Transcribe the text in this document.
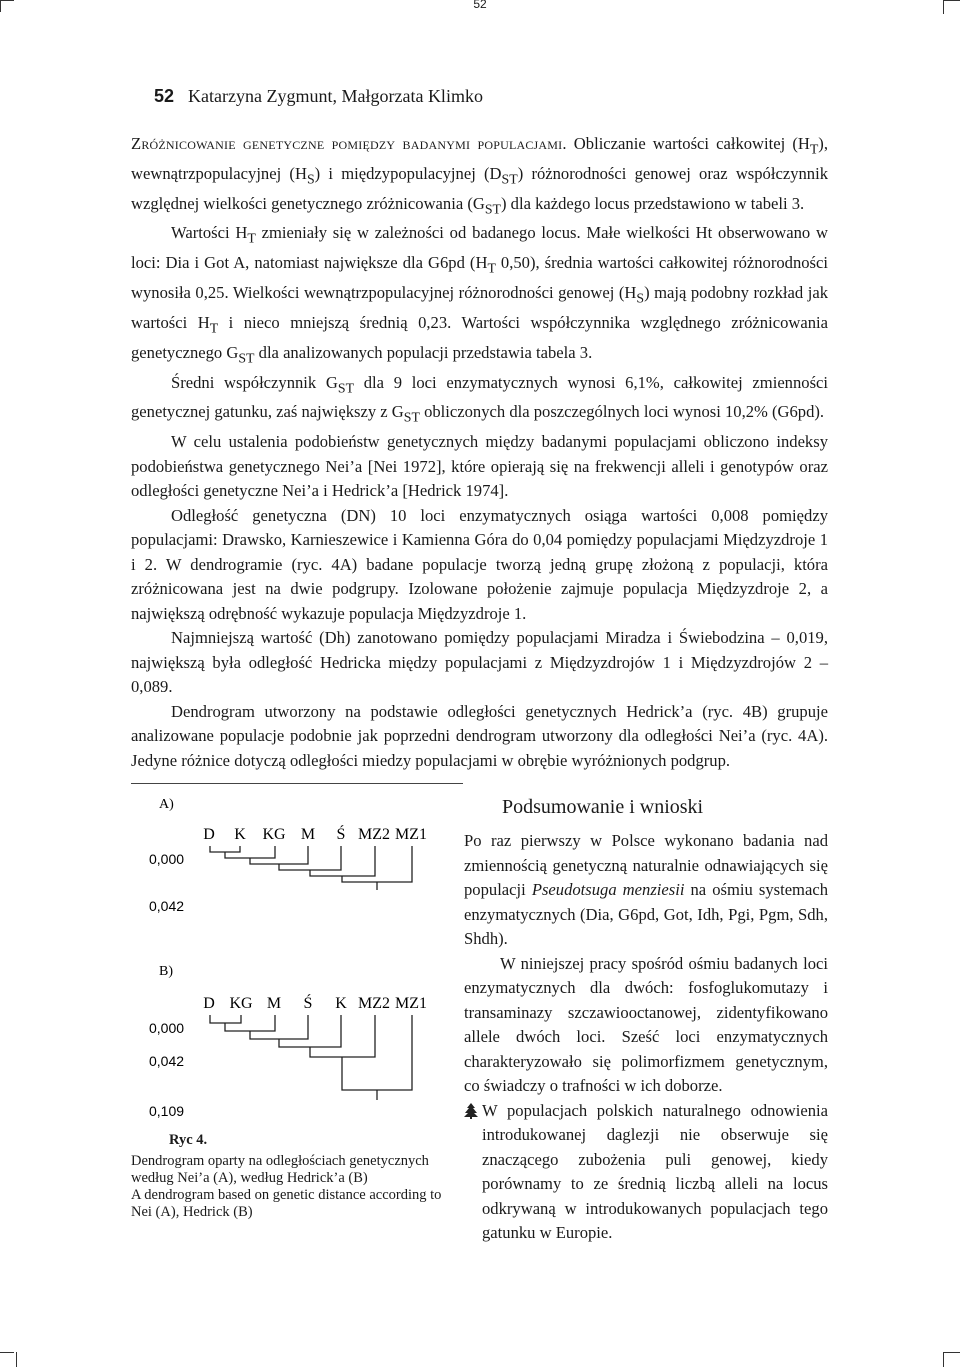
52
52 Katarzyna Zygmunt, Małgorzata Klimko

Zróżnicowanie genetyczne pomiędzy badanymi populacjami. Obliczanie wartości całkowitej $(H_T)$, wewnątrzpopulacyjnej $(H_S)$ i międzypopulacyjnej $(D_{ST})$ różnorodności genowej oraz współczynnik względnej wielkości genetycznego zróżnicowania $(G_{ST})$ dla każdego locus przedstawiono w tabeli 3.

Wartości $H_T$ zmieniały się w zależności od badanego locus. Małe wielkości Ht obserwowano w loci: Dia i Got A, natomiast największe dla G6pd ($H_T$ 0,50), średnia wartości całkowitej różnorodności wynosiła 0,25. Wielkości wewnątrzpopulacyjnej różnorodności genowej $(H_S)$ mają podobny rozkład jak wartości $H_T$ i nieco mniejszą średnią 0,23. Wartości współczynnika względnego zróżnicowania genetycznego $G_{ST}$ dla analizowanych populacji przedstawia tabela 3.

Średni współczynnik $G_{ST}$ dla 9 loci enzymatycznych wynosi 6,1%, całkowitej zmienności genetycznej gatunku, zaś największy z $G_{ST}$ obliczonych dla poszczególnych loci wynosi 10,2% (G6pd).

W celu ustalenia podobieństw genetycznych między badanymi populacjami obliczono indeksy podobieństwa genetycznego Nei’a [Nei 1972], które opierają się na frekwencji alleli i genotypów oraz odległości genetyczne Nei’a i Hedrick’a [Hedrick 1974].

Odległość genetyczna (DN) 10 loci enzymatycznych osiąga wartości 0,008 pomiędzy populacjami: Drawsko, Karnieszewice i Kamienna Góra do 0,04 pomiędzy populacjami Międzyzdroje 1 i 2. W dendrogramie (ryc. 4A) badane populacje tworzą jedną grupę złożoną z populacji, która zróżnicowana jest na dwie podgrupy. Izolowane położenie zajmuje populacja Międzyzdroje 2, a największą odrębność wykazuje populacja Międzyzdroje 1.

Najmniejszą wartość (Dh) zanotowano pomiędzy populacjami Miradza i Świebodzina – 0,019, największą była odległość Hedricka między populacjami z Międzyzdrojów 1 i Międzyzdrojów 2 – 0,089.

Dendrogram utworzony na podstawie odległości genetycznych Hedrick’a (ryc. 4B) grupuje analizowane populacje podobnie jak poprzedni dendrogram utworzony dla odległości Nei’a (ryc. 4A). Jedyne różnice dotyczą odległości miedzy populacjami w obrębie wyróżnionych podgrup.

A)
D K KG M Ś MZ2 MZ1
0,000
0,042
B)
D KG M Ś K MZ2 MZ1
0,000
0,042
0,109
Ryc 4.

Dendrogram oparty na odległościach genetycznych według Nei’a (A), według Hedrick’a (B)

A dendrogram based on genetic distance according to Nei (A), Hedrick (B)

Podsumowanie i wnioski

Po raz pierwszy w Polsce wykonano badania nad zmiennością genetyczną naturalnie odnawiających się populacji Pseudotsuga menziesii na ośmiu systemach enzymatycznych (Dia, G6pd, Got, Idh, Pgi, Pgm, Sdh, Shdh).

W niniejszej pracy spośród ośmiu badanych loci enzymatycznych dla dwóch: fosfoglukomutazy i transaminazy szczawiooctanowej, zidentyfikowano allele dwóch loci. Sześć loci enzymatycznych charakteryzowało się polimorfizmem genetycznym, co świadczy o trafności w ich doborze.

W populacjach polskich naturalnego odnowienia introdukowanej daglezji nie obserwuje się znaczącego zubożenia puli genowej, kiedy porównamy to ze średnią liczbą alleli na locus odkrywaną w introdukowanych populacjach tego gatunku w Europie.
